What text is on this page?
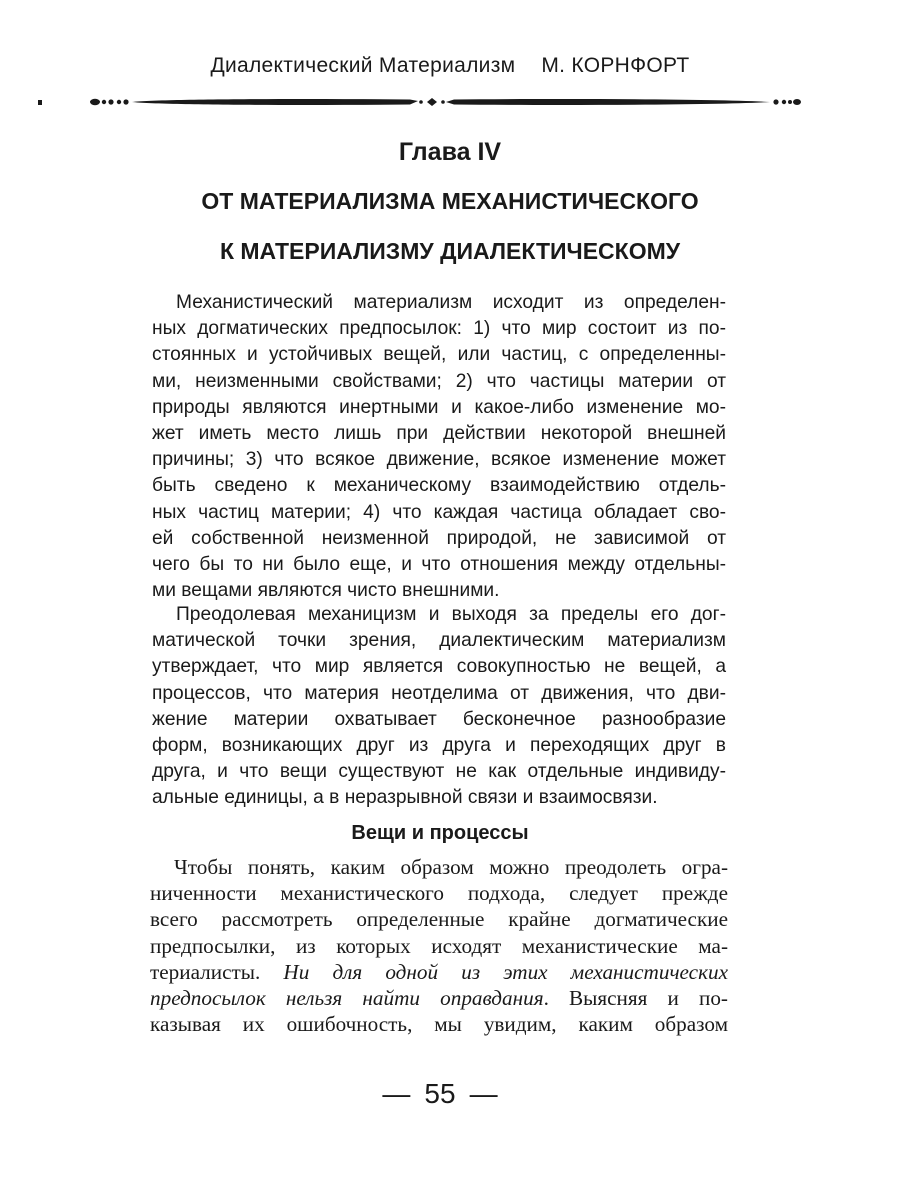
Диалектический Материализм М. КОРНФОРТ
Глава IV
ОТ МАТЕРИАЛИЗМА МЕХАНИСТИЧЕСКОГО
К МАТЕРИАЛИЗМУ ДИАЛЕКТИЧЕСКОМУ
Механистический материализм исходит из определен-
ных догматических предпосылок: 1) что мир состоит из по-
стоянных и устойчивых вещей, или частиц, с определенны-
ми, неизменными свойствами; 2) что частицы материи от
природы являются инертными и какое-либо изменение мо-
жет иметь место лишь при действии некоторой внешней
причины; 3) что всякое движение, всякое изменение может
быть сведено к механическому взаимодействию отдель-
ных частиц материи; 4) что каждая частица обладает сво-
ей собственной неизменной природой, не зависимой от
чего бы то ни было еще, и что отношения между отдельны-
ми вещами являются чисто внешними.
Преодолевая механицизм и выходя за пределы его дог-
матической точки зрения, диалектическим материализм
утверждает, что мир является совокупностью не вещей, а
процессов, что материя неотделима от движения, что дви-
жение материи охватывает бесконечное разнообразие
форм, возникающих друг из друга и переходящих друг в
друга, и что вещи существуют не как отдельные индивиду-
альные единицы, а в неразрывной связи и взаимосвязи.
Вещи и процессы
Чтобы понять, каким образом можно преодолеть огра-
ниченности механистического подхода, следует прежде
всего рассмотреть определенные крайне догматические
предпосылки, из которых исходят механистические ма-
териалисты. Ни для одной из этих механистических
предпосылок нельзя найти оправдания. Выясняя и по-
казывая их ошибочность, мы увидим, каким образом
— 55 —
